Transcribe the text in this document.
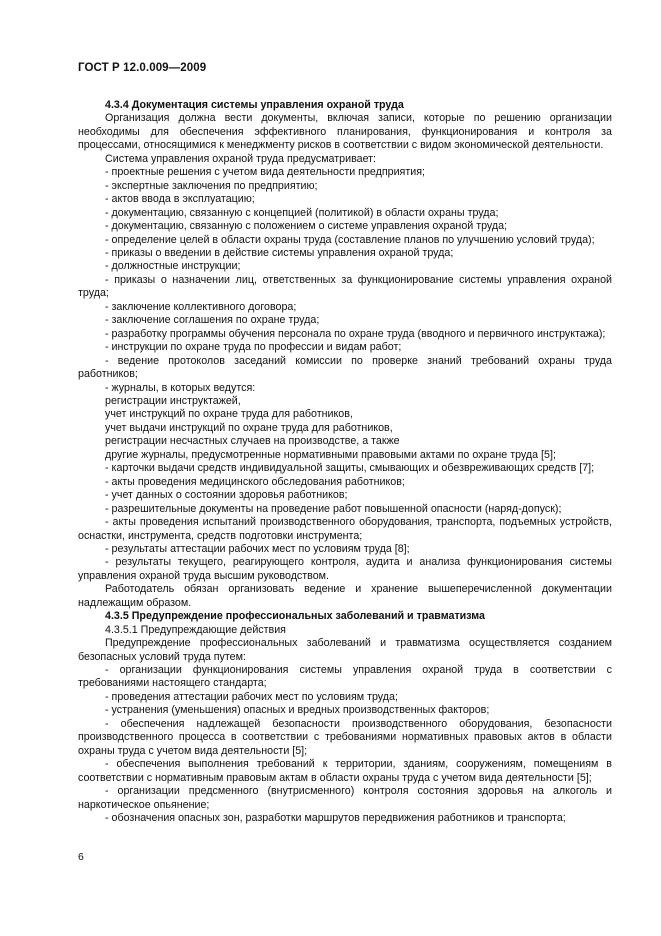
ГОСТ Р 12.0.009—2009

4.3.4 Документация системы управления охраной труда

Организация должна вести документы, включая записи, которые по решению организации необходимы для обеспечения эффективного планирования, функционирования и контроля за процессами, относящимися к менеджменту рисков в соответствии с видом экономической деятельности.

Система управления охраной труда предусматривает:

- проектные решения с учетом вида деятельности предприятия;

- экспертные заключения по предприятию;

- актов ввода в эксплуатацию;

- документацию, связанную с концепцией (политикой) в области охраны труда;

- документацию, связанную с положением о системе управления охраной труда;

- определение целей в области охраны труда (составление планов по улучшению условий труда);

- приказы о введении в действие системы управления охраной труда;

- должностные инструкции;

- приказы о назначении лиц, ответственных за функционирование системы управления охраной труда;

- заключение коллективного договора;

- заключение соглашения по охране труда;

- разработку программы обучения персонала по охране труда (вводного и первичного инструктажа);

- инструкции по охране труда по профессии и видам работ;

- ведение протоколов заседаний комиссии по проверке знаний требований охраны труда работников;

- журналы, в которых ведутся:

регистрации инструктажей,

учет инструкций по охране труда для работников,

учет выдачи инструкций по охране труда для работников,

регистрации несчастных случаев на производстве, а также

другие журналы, предусмотренные нормативными правовыми актами по охране труда [5];

- карточки выдачи средств индивидуальной защиты, смывающих и обезвреживающих средств [7];

- акты проведения медицинского обследования работников;

- учет данных о состоянии здоровья работников;

- разрешительные документы на проведение работ повышенной опасности (наряд-допуск);

- акты проведения испытаний производственного оборудования, транспорта, подъемных устройств, оснастки, инструмента, средств подготовки инструмента;

- результаты аттестации рабочих мест по условиям труда [8];

- результаты текущего, реагирующего контроля, аудита и анализа функционирования системы управления охраной труда высшим руководством.

Работодатель обязан организовать ведение и хранение вышеперечисленной документации надлежащим образом.

4.3.5 Предупреждение профессиональных заболеваний и травматизма

4.3.5.1 Предупреждающие действия

Предупреждение профессиональных заболеваний и травматизма осуществляется созданием безопасных условий труда путем:

- организации функционирования системы управления охраной труда в соответствии с требованиями настоящего стандарта;

- проведения аттестации рабочих мест по условиям труда;

- устранения (уменьшения) опасных и вредных производственных факторов;

- обеспечения надлежащей безопасности производственного оборудования, безопасности производственного процесса в соответствии с требованиями нормативных правовых актов в области охраны труда с учетом вида деятельности [5];

- обеспечения выполнения требований к территории, зданиям, сооружениям, помещениям в соответствии с нормативным правовым актам в области охраны труда с учетом вида деятельности [5];

- организации предсменного (внутрисменного) контроля состояния здоровья на алкоголь и наркотическое опьянение;

- обозначения опасных зон, разработки маршрутов передвижения работников и транспорта;

6
